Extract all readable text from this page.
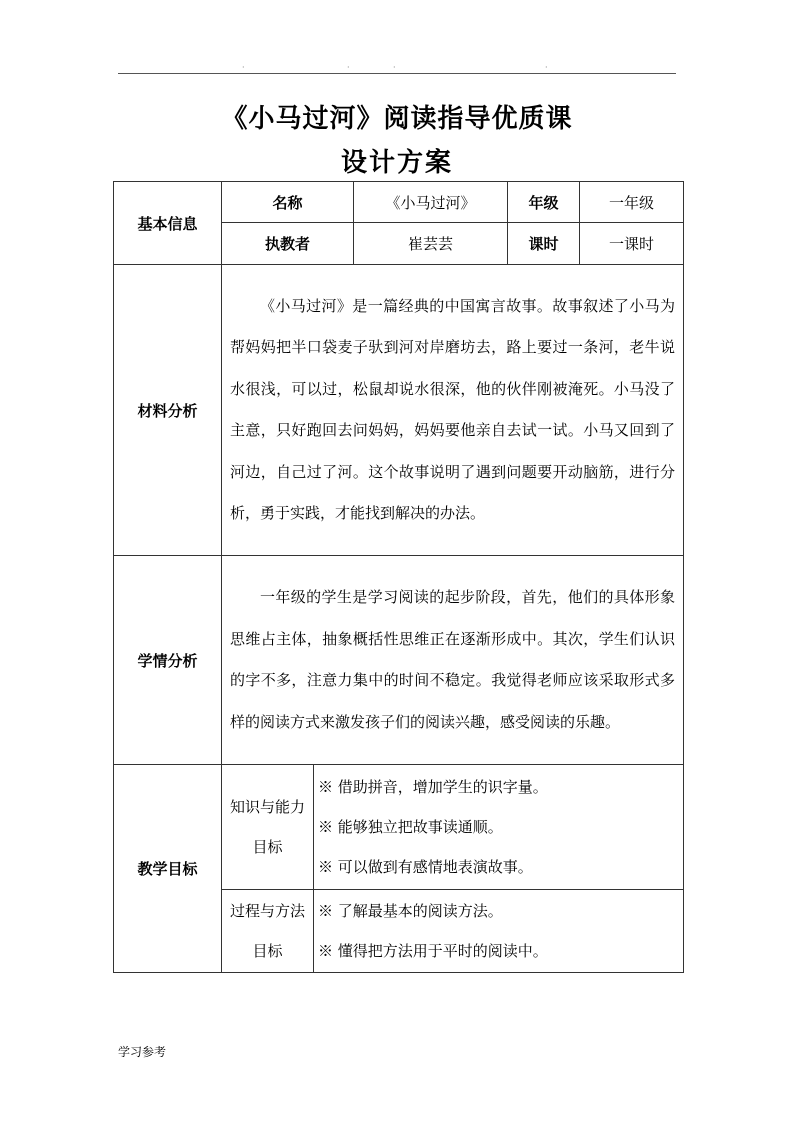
·	·	·	·
《小马过河》阅读指导优质课
设计方案
基本信息	名称		《小马过河》	年级	一年级
	执教者		崔芸芸	课时	一课时
材料分析	《小马过河》是一篇经典的中国寓言故事。故事叙述了小马为帮妈妈把半口袋麦子驮到河对岸磨坊去，路上要过一条河，老牛说水很浅，可以过，松鼠却说水很深，他的伙伴刚被淹死。小马没了主意，只好跑回去问妈妈，妈妈要他亲自去试一试。小马又回到了河边，自己过了河。这个故事说明了遇到问题要开动脑筋，进行分析，勇于实践，才能找到解决的办法。				

学情分析	一年级的学生是学习阅读的起步阶段，首先，他们的具体形象思维占主体，抽象概括性思维正在逐渐形成中。其次，学生们认识的字不多，注意力集中的时间不稳定。我觉得老师应该采取形式多样的阅读方式来激发孩子们的阅读兴趣，感受阅读的乐趣。				

教学目标	知识与能力目标	※ 借助拼音，增加学生的识字量。
※ 能够独立把故事读通顺。
※ 可以做到有感情地表演故事。			

	过程与方法目标	※ 了解最基本的阅读方法。
※ 懂得把方法用于平时的阅读中。			
学习参考
